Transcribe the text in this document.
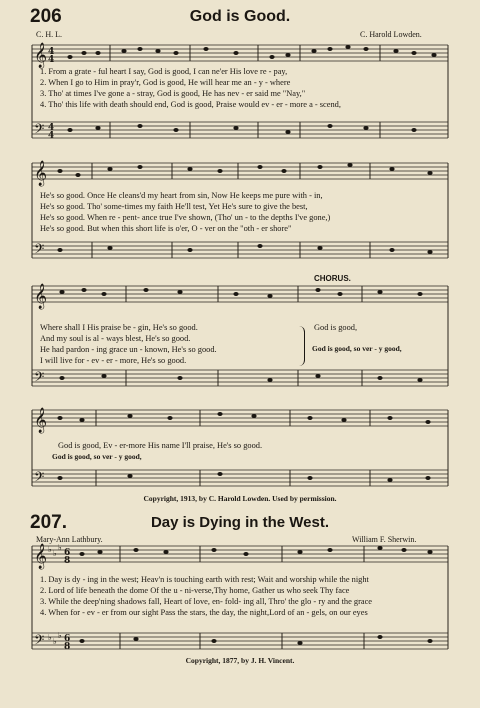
206	God is Good.
C. H. L.	C. Harold Lowden.
𝄞 4
4
𝄢 4
4
𝄞
𝄢
𝄞
𝄢
𝄞
𝄢
𝄞 ♭ ♭
♭
6
8
𝄢 ♭ ♭
♭ 6
8
1. From a grate - ful heart I say, God is good, I can ne'er His love re - pay,
2. When I go to Him in pray'r, God is good, He will hear me an - y - where
3. Tho' at times I've gone a - stray, God is good, He has nev - er said me "Nay,"
4. Tho' this life with death should end, God is good, Praise would ev - er - more a - scend,
He's so good. Once He cleans'd my heart from sin, Now He keeps me pure with - in,
He's so good. Tho' some-times my faith He'll test, Yet He's sure to give the best,
He's so good. When re - pent- ance true I've shown, (Tho' un - to the depths I've gone,)
He's so good. But when this short life is o'er, O - ver on the "oth - er shore"
CHORUS.
Where shall I His praise be - gin, He's so good.
And my soul is al - ways blest, He's so good.
He had pardon - ing grace un - known, He's so good.
I will live for - ev - er - more, He's so good.
God is good,
God is good, so ver - y good,
God is good, Ev - er-more His name I'll praise, He's so good.
God is good, so ver - y good,
Copyright, 1913, by C. Harold Lowden. Used by permission.
207.	Day is Dying in the West.
Mary-Ann Lathbury.	William F. Sherwin.
1. Day is dy - ing in the west; Heav'n is touching earth with rest; Wait and worship while the night
2. Lord of life beneath the dome Of the u - ni-verse,Thy home, Gather us who seek Thy face
3. While the deep'ning shadows fall, Heart of love, en- fold- ing all, Thro' the glo - ry and the grace
4. When for - ev - er from our sight Pass the stars, the day, the night,Lord of an - gels, on our eyes
Copyright, 1877, by J. H. Vincent.
